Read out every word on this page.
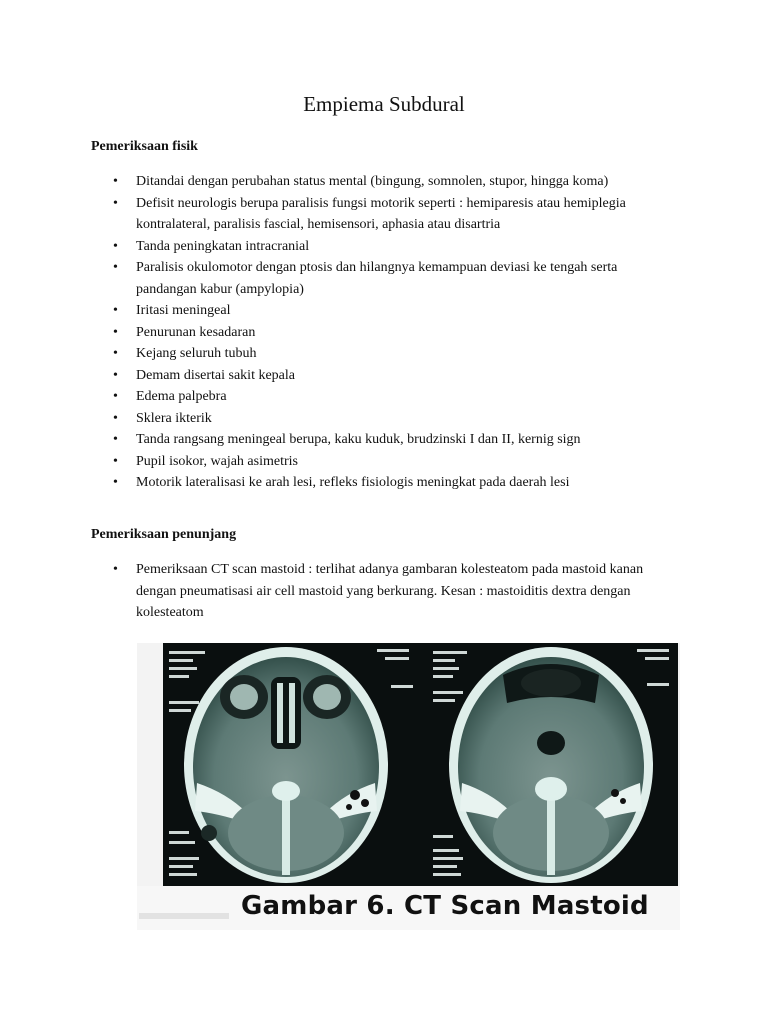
Empiema Subdural
Pemeriksaan fisik
• Ditandai dengan perubahan status mental (bingung, somnolen, stupor, hingga koma)
• Defisit neurologis berupa paralisis fungsi motorik seperti : hemiparesis atau hemiplegia kontralateral, paralisis fascial, hemisensori, aphasia atau disartria
• Tanda peningkatan intracranial
• Paralisis okulomotor dengan ptosis dan hilangnya kemampuan deviasi ke tengah serta pandangan kabur (ampylopia)
• Iritasi meningeal
• Penurunan kesadaran
• Kejang seluruh tubuh
• Demam disertai sakit kepala
• Edema palpebra
• Sklera ikterik
• Tanda rangsang meningeal berupa, kaku kuduk, brudzinski I dan II, kernig sign
• Pupil isokor, wajah asimetris
• Motorik lateralisasi ke arah lesi, refleks fisiologis meningkat pada daerah lesi
Pemeriksaan penunjang
• Pemeriksaan CT scan mastoid : terlihat adanya gambaran kolesteatom pada mastoid kanan dengan pneumatisasi air cell mastoid yang berkurang. Kesan : mastoiditis dextra dengan kolesteatom
Gambar 6. CT Scan Mastoid
